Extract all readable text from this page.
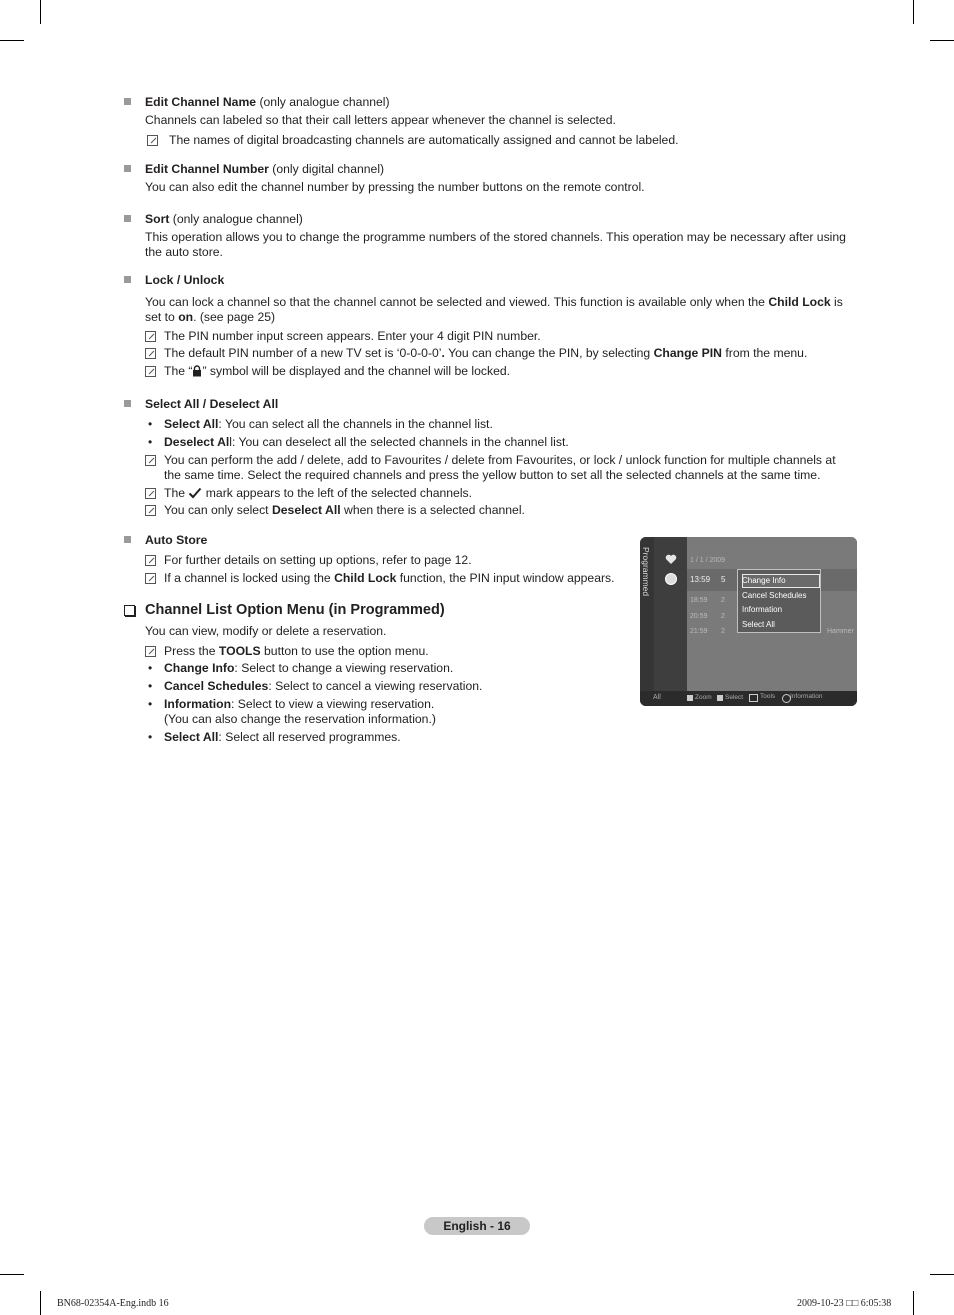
Edit Channel Name (only analogue channel)
Channels can labeled so that their call letters appear whenever the channel is selected.
The names of digital broadcasting channels are automatically assigned and cannot be labeled.
Edit Channel Number (only digital channel)
You can also edit the channel number by pressing the number buttons on the remote control.
Sort (only analogue channel)
This operation allows you to change the programme numbers of the stored channels. This operation may be necessary after using the auto store.
Lock / Unlock
You can lock a channel so that the channel cannot be selected and viewed. This function is available only when the Child Lock is set to on. (see page 25)
The PIN number input screen appears. Enter your 4 digit PIN number.
The default PIN number of a new TV set is ‘0-0-0-0’. You can change the PIN, by selecting Change PIN from the menu.
The “ ” symbol will be displayed and the channel will be locked.
Select All / Deselect All
• Select All: You can select all the channels in the channel list.
• Deselect All: You can deselect all the selected channels in the channel list.
You can perform the add / delete, add to Favourites / delete from Favourites, or lock / unlock function for multiple channels at the same time. Select the required channels and press the yellow button to set all the selected channels at the same time.
The  mark appears to the left of the selected channels.
You can only select Deselect All when there is a selected channel.
Auto Store
For further details on setting up options, refer to page 12.
If a channel is locked using the Child Lock function, the PIN input window appears.
Channel List Option Menu (in Programmed)
You can view, modify or delete a reservation.
Press the TOOLS button to use the option menu.
• Change Info: Select to change a viewing reservation.
• Cancel Schedules: Select to cancel a viewing reservation.
• Information: Select to view a viewing reservation.
(You can also change the reservation information.)
• Select All: Select all reserved programmes.
Programmed	1 / 1 / 2009
13:59 5
18:59 2
20:59 2
21:59 2	Hammer
Change Info
Cancel Schedules
Information
Select All
All	Zoom Select	Tools Information
English - 16
BN68-02354A-Eng.indb 16	2009-10-23 □□ 6:05:38
